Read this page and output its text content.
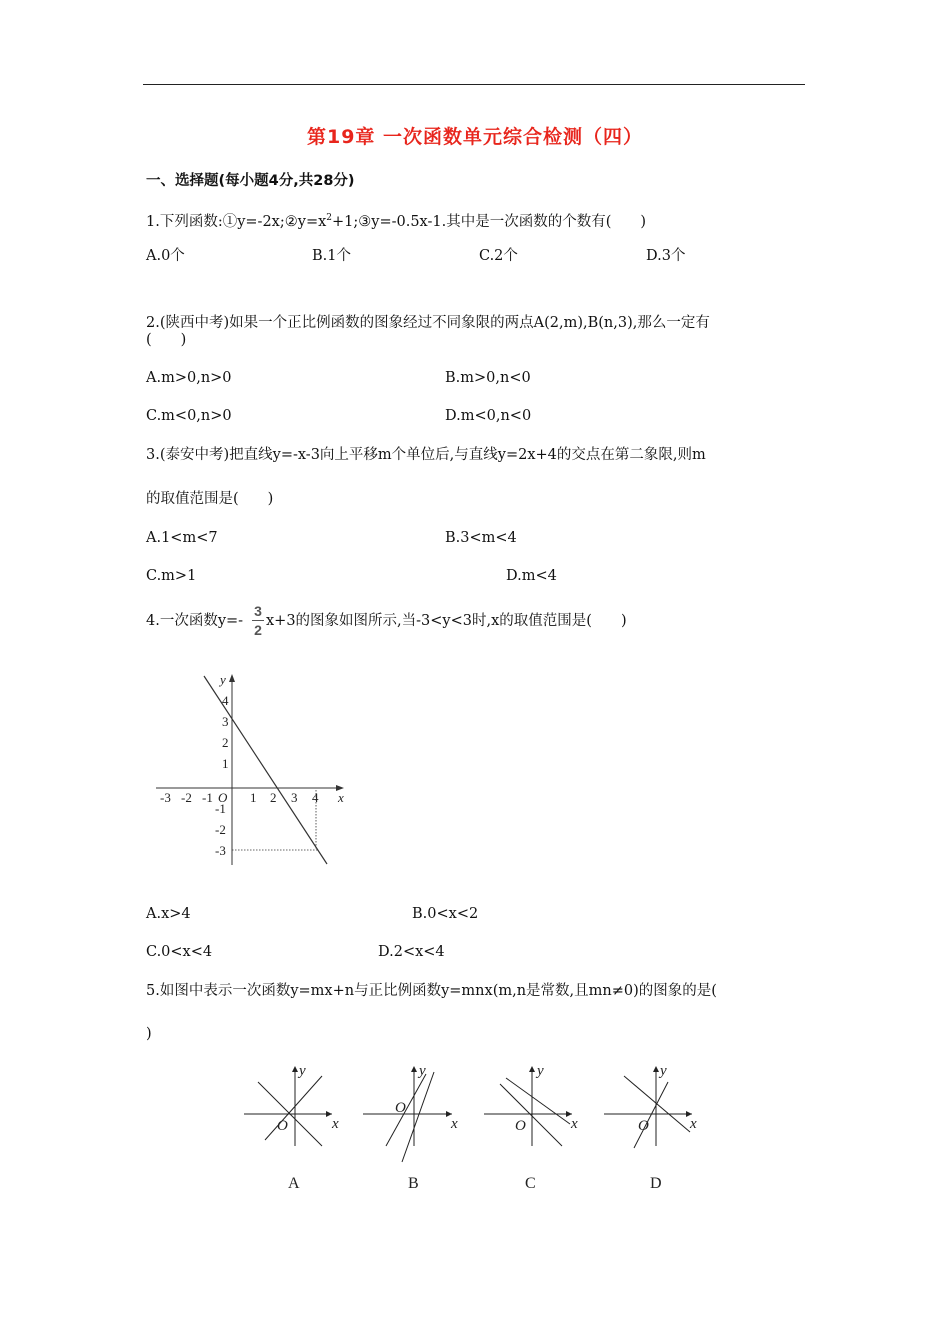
第19章 一次函数单元综合检测（四）
一、选择题(每小题4分,共28分)
1.下列函数$:①y=-2x;②y=x^2+1;③y=-0.5x-1$.其中是一次函数的个数有(　　)
A.0个	B.1个	C.2个	D.3个
2.(陕西中考)如果一个正比例函数的图象经过不同象限的两点A(2,m),B(n,3),那么一定有
(　　)
A.m>0,n>0	B.m>0,n<0
C.m<0,n>0	D.m<0,n<0
3.(泰安中考)把直线y=-x-3向上平移m个单位后,与直线y=2x+4的交点在第二象限,则m
的取值范围是(　　)
A.1<m<7	B.3<m<4
C.m>1	D.m<4
4.一次函数y=-
3
2
x+3的图象如图所示,当-3<y<3时,x的取值范围是(　　)
y
x
O
-3 -2 -1	1 2 3 4
4
3
2
1
-1
-2
-3
A.x>4	B.0<x<2
C.0<x<4	D.2<x<4
5.如图中表示一次函数y=mx+n与正比例函数y=mnx(m,n是常数,且mn≠0)的图象的是(
)
y
x
O
y
x
O
y
x
O
y
x
O
A	B	C	D
